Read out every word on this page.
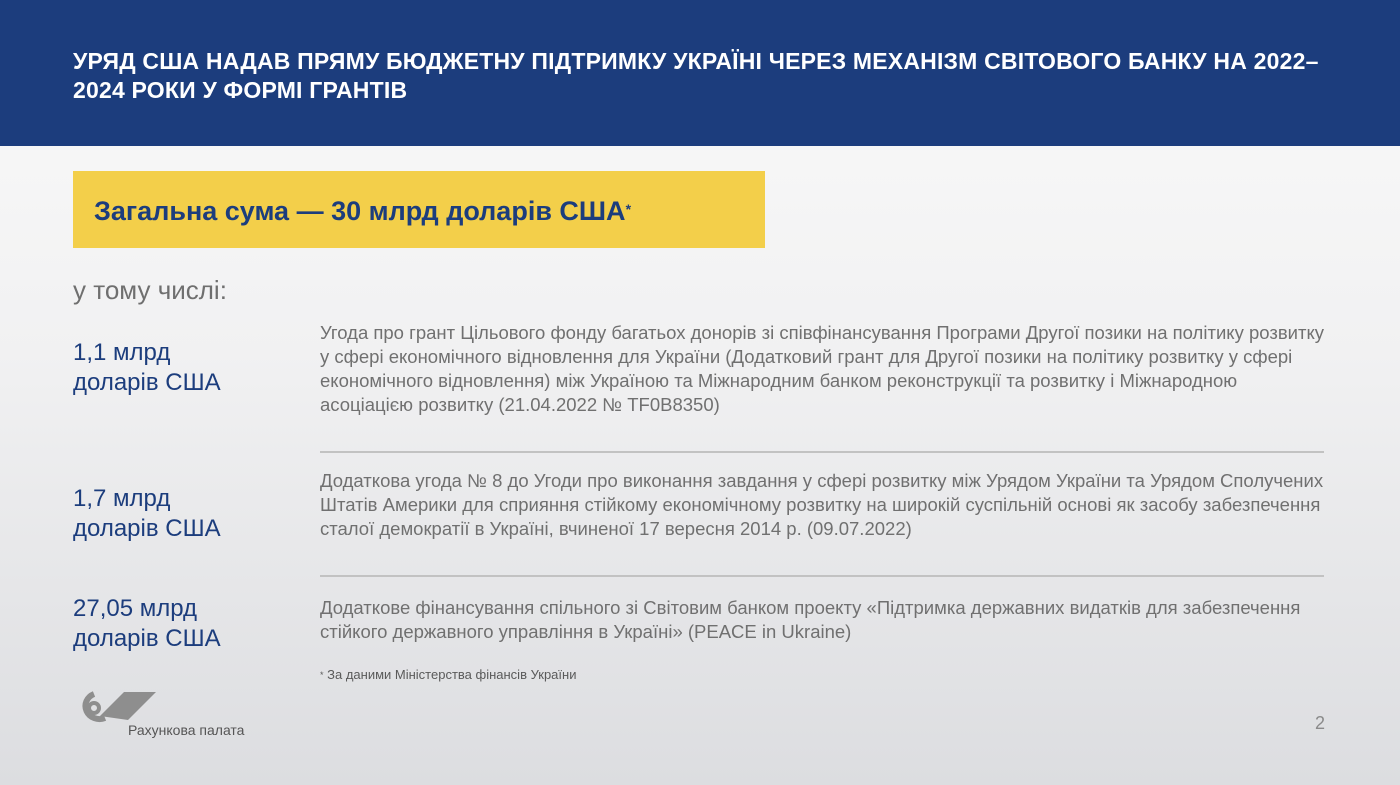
УРЯД США НАДАВ ПРЯМУ БЮДЖЕТНУ ПІДТРИМКУ УКРАЇНІ ЧЕРЕЗ МЕХАНІЗМ СВІТОВОГО БАНКУ НА 2022–2024 РОКИ У ФОРМІ ГРАНТІВ
Загальна сума — 30 млрд доларів США*
у тому числі:
1,1 млрд
доларів США
Угода про грант Цільового фонду багатьох донорів зі співфінансування Програми Другої позики на політику розвитку у сфері економічного відновлення для України (Додатковий грант для Другої позики на політику розвитку у сфері економічного відновлення) між Україною та Міжнародним банком реконструкції та розвитку і Міжнародною асоціацією розвитку (21.04.2022 № TF0B8350)
1,7 млрд
доларів США
Додаткова угода № 8 до Угоди про виконання завдання у сфері розвитку між Урядом України та Урядом Сполучених Штатів Америки для сприяння стійкому економічному розвитку на широкій суспільній основі як засобу забезпечення сталої демократії в Україні, вчиненої 17 вересня 2014 р. (09.07.2022)
27,05 млрд
доларів США
Додаткове фінансування спільного зі Світовим банком проекту «Підтримка державних видатків для забезпечення стійкого державного управління в Україні» (PEACE in Ukraine)
* За даними Міністерства фінансів України
Рахункова палата	2
